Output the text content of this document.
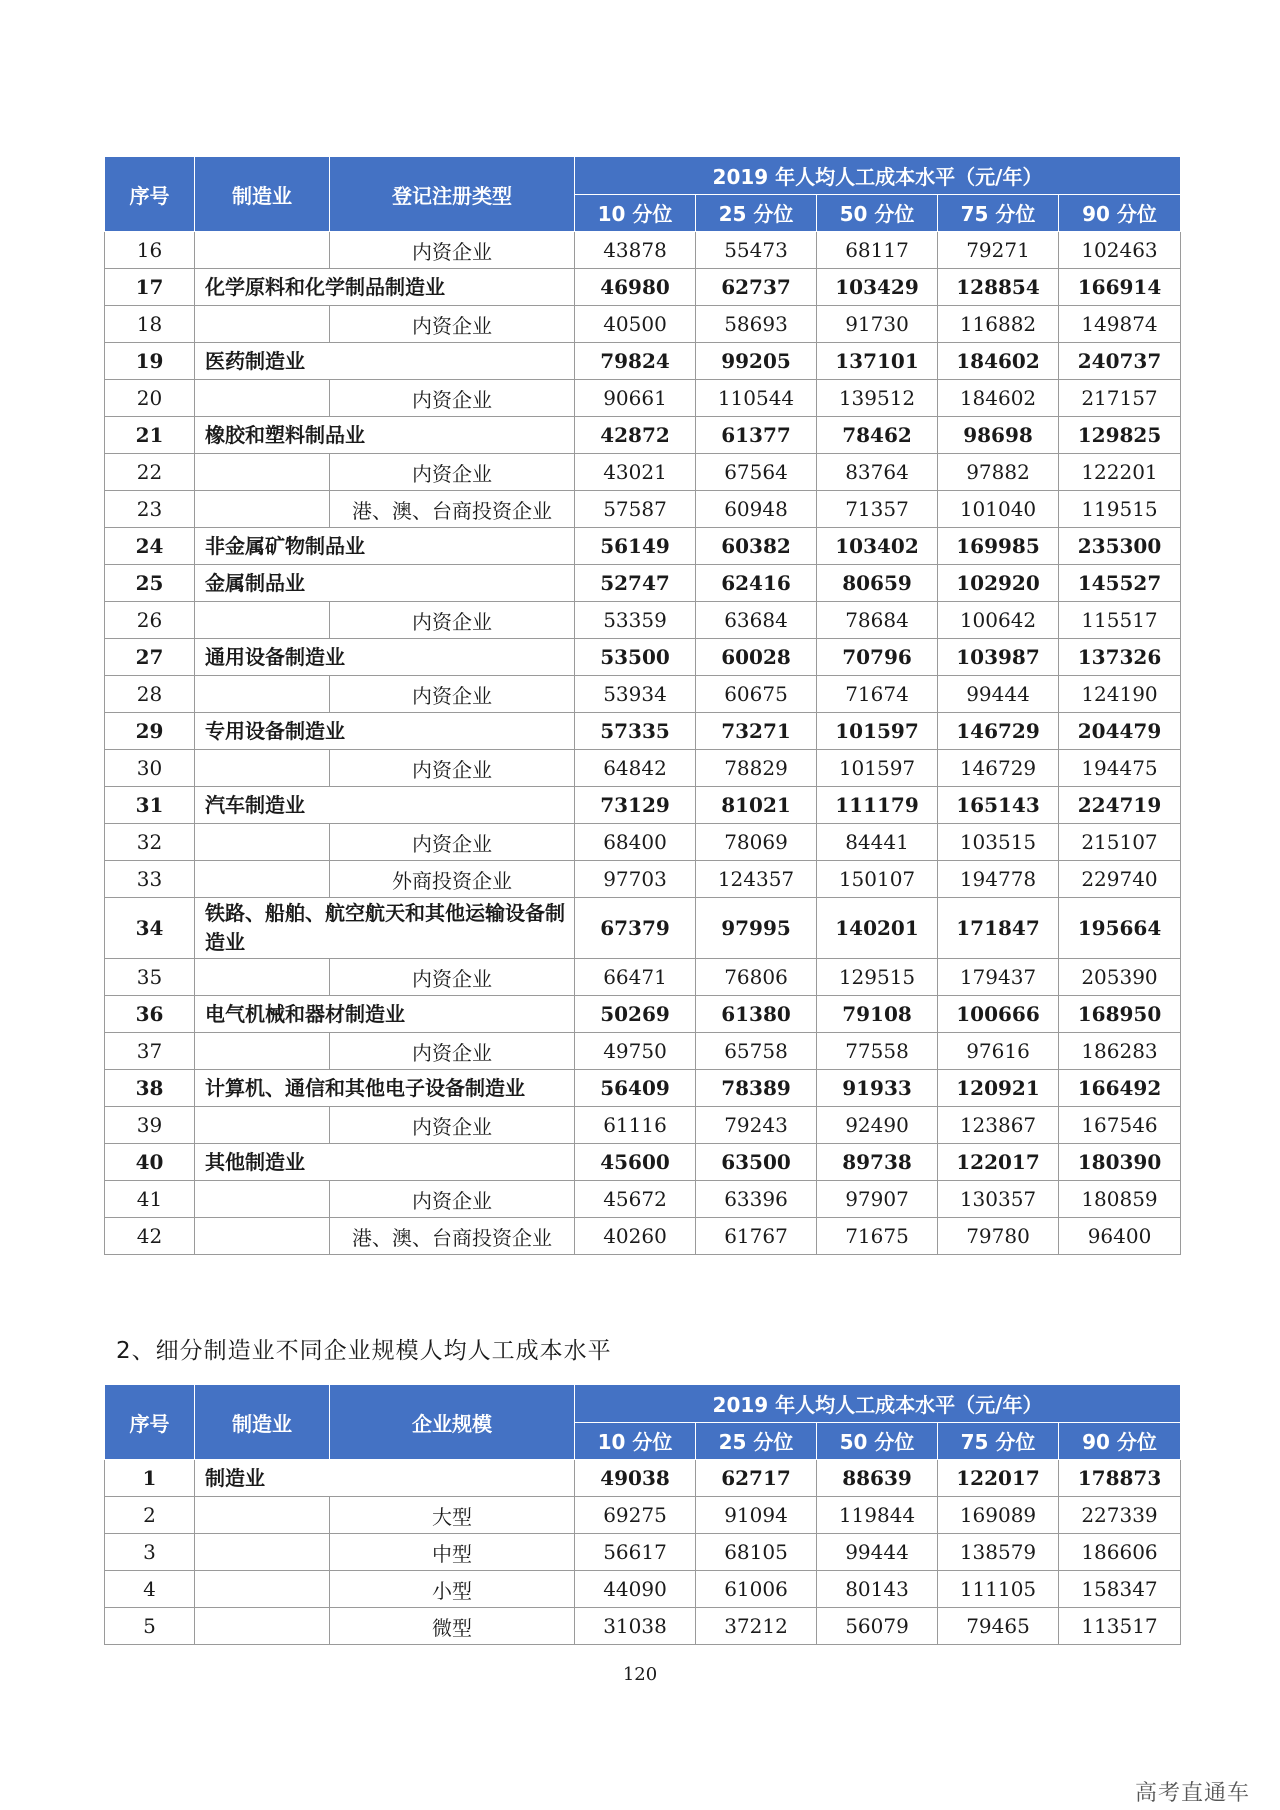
序号	制造业	登记注册类型	2019 年人均人工成本水平（元/年）				
			10 分位	25 分位	50 分位	75 分位	90 分位
16		内资企业	43878	55473	68117	79271	102463
17	化学原料和化学制品制造业		46980	62737	103429	128854	166914
18		内资企业	40500	58693	91730	116882	149874
19	医药制造业		79824	99205	137101	184602	240737
20		内资企业	90661	110544	139512	184602	217157
21	橡胶和塑料制品业		42872	61377	78462	98698	129825
22		内资企业	43021	67564	83764	97882	122201
23		港、澳、台商投资企业	57587	60948	71357	101040	119515
24	非金属矿物制品业		56149	60382	103402	169985	235300
25	金属制品业		52747	62416	80659	102920	145527
26		内资企业	53359	63684	78684	100642	115517
27	通用设备制造业		53500	60028	70796	103987	137326
28		内资企业	53934	60675	71674	99444	124190
29	专用设备制造业		57335	73271	101597	146729	204479
30		内资企业	64842	78829	101597	146729	194475
31	汽车制造业		73129	81021	111179	165143	224719
32		内资企业	68400	78069	84441	103515	215107
33		外商投资企业	97703	124357	150107	194778	229740
34	铁路、船舶、航空航天和其他运输设备制造业		67379	97995	140201	171847	195664
35		内资企业	66471	76806	129515	179437	205390
36	电气机械和器材制造业		50269	61380	79108	100666	168950
37		内资企业	49750	65758	77558	97616	186283
38	计算机、通信和其他电子设备制造业		56409	78389	91933	120921	166492
39		内资企业	61116	79243	92490	123867	167546
40	其他制造业		45600	63500	89738	122017	180390
41		内资企业	45672	63396	97907	130357	180859
42		港、澳、台商投资企业	40260	61767	71675	79780	96400
2、细分制造业不同企业规模人均人工成本水平
序号	制造业	企业规模	2019 年人均人工成本水平（元/年）				
			10 分位	25 分位	50 分位	75 分位	90 分位
1	制造业		49038	62717	88639	122017	178873
2		大型	69275	91094	119844	169089	227339
3		中型	56617	68105	99444	138579	186606
4		小型	44090	61006	80143	111105	158347
5		微型	31038	37212	56079	79465	113517
120
高考直通车
